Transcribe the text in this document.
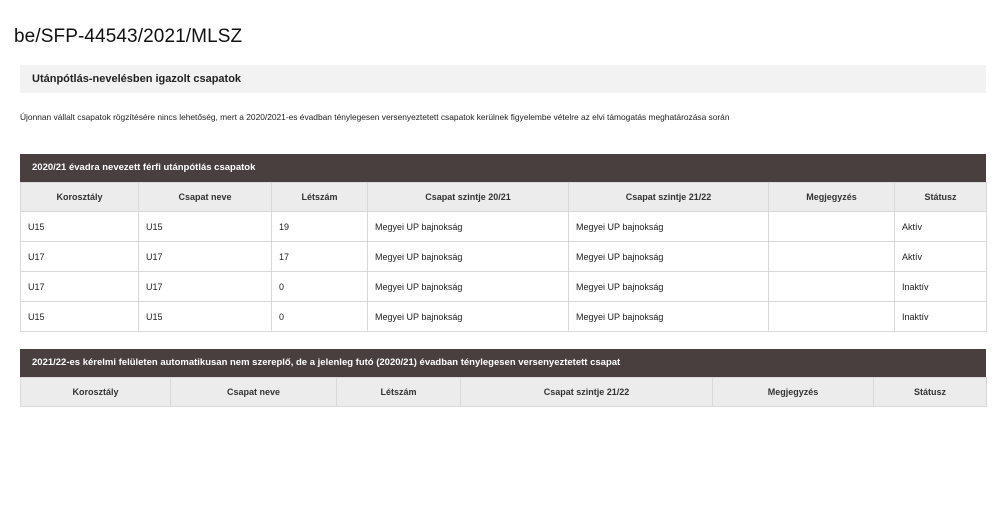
be/SFP-44543/2021/MLSZ
Utánpótlás-nevelésben igazolt csapatok
Újonnan vállalt csapatok rögzítésére nincs lehetőség, mert a 2020/2021-es évadban ténylegesen versenyeztetett csapatok kerülnek figyelembe vételre az elvi támogatás meghatározása során
2020/21 évadra nevezett férfi utánpótlás csapatok
Korosztály	Csapat neve	Létszám	Csapat szintje 20/21	Csapat szintje 21/22	Megjegyzés	Státusz
U15	U15	19	Megyei UP bajnokság	Megyei UP bajnokság		Aktív
U17	U17	17	Megyei UP bajnokság	Megyei UP bajnokság		Aktív
U17	U17	0	Megyei UP bajnokság	Megyei UP bajnokság		Inaktív
U15	U15	0	Megyei UP bajnokság	Megyei UP bajnokság		Inaktív
2021/22-es kérelmi felületen automatikusan nem szereplő, de a jelenleg futó (2020/21) évadban ténylegesen versenyeztetett csapat
Korosztály	Csapat neve	Létszám	Csapat szintje 21/22	Megjegyzés	Státusz
